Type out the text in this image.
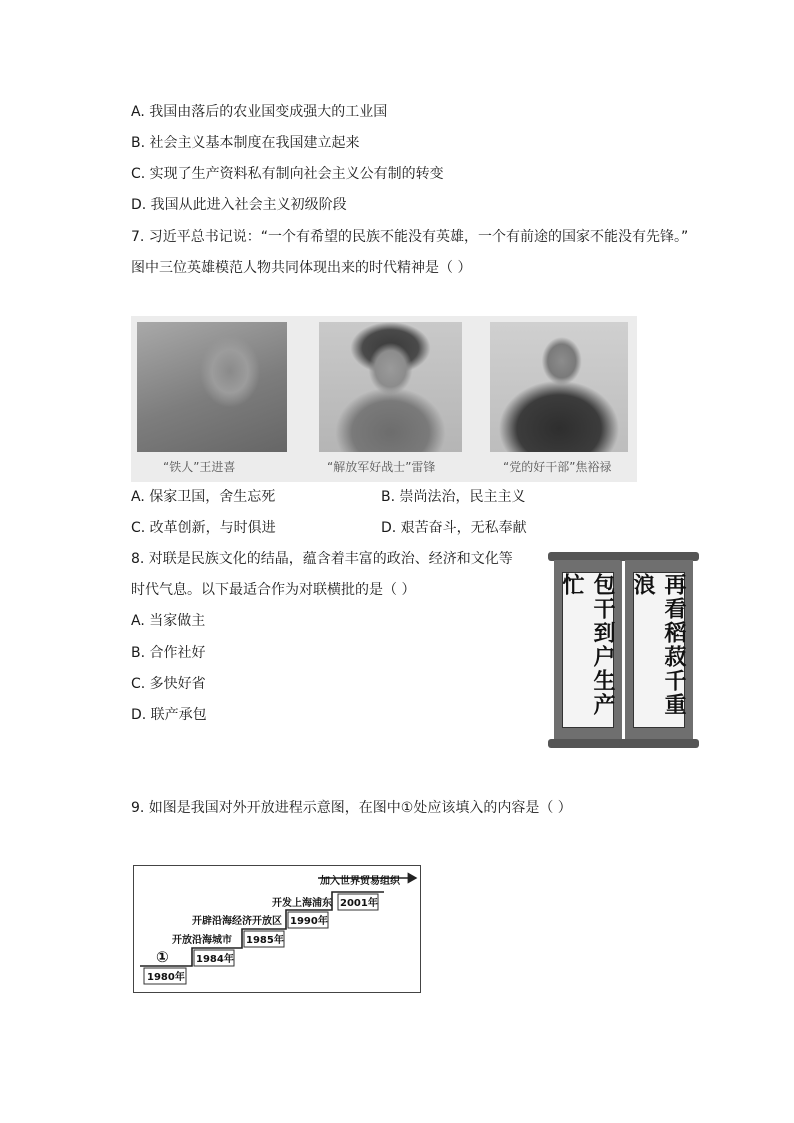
A. 我国由落后的农业国变成强大的工业国
B. 社会主义基本制度在我国建立起来
C. 实现了生产资料私有制向社会主义公有制的转变
D. 我国从此进入社会主义初级阶段
7. 习近平总书记说：“一个有希望的民族不能没有英雄，一个有前途的国家不能没有先锋。”
图中三位英雄模范人物共同体现出来的时代精神是（ ）
“铁人”王进喜	“解放军好战士”雷锋	“党的好干部”焦裕禄
A. 保家卫国，舍生忘死	B. 崇尚法治，民主主义
C. 改革创新，与时俱进	D. 艰苦奋斗，无私奉献
8. 对联是民族文化的结晶，蕴含着丰富的政治、经济和文化等
时代气息。以下最适合作为对联横批的是（ ）
A. 当家做主
B. 合作社好
C. 多快好省
D. 联产承包	包干到户生产忙	再看稻菽千重浪
9. 如图是我国对外开放进程示意图，在图中①处应该填入的内容是（ ）
1980年
1984年
1985年
1990年
2001年
①
开放沿海城市
开辟沿海经济开放区
开发上海浦东
加入世界贸易组织
